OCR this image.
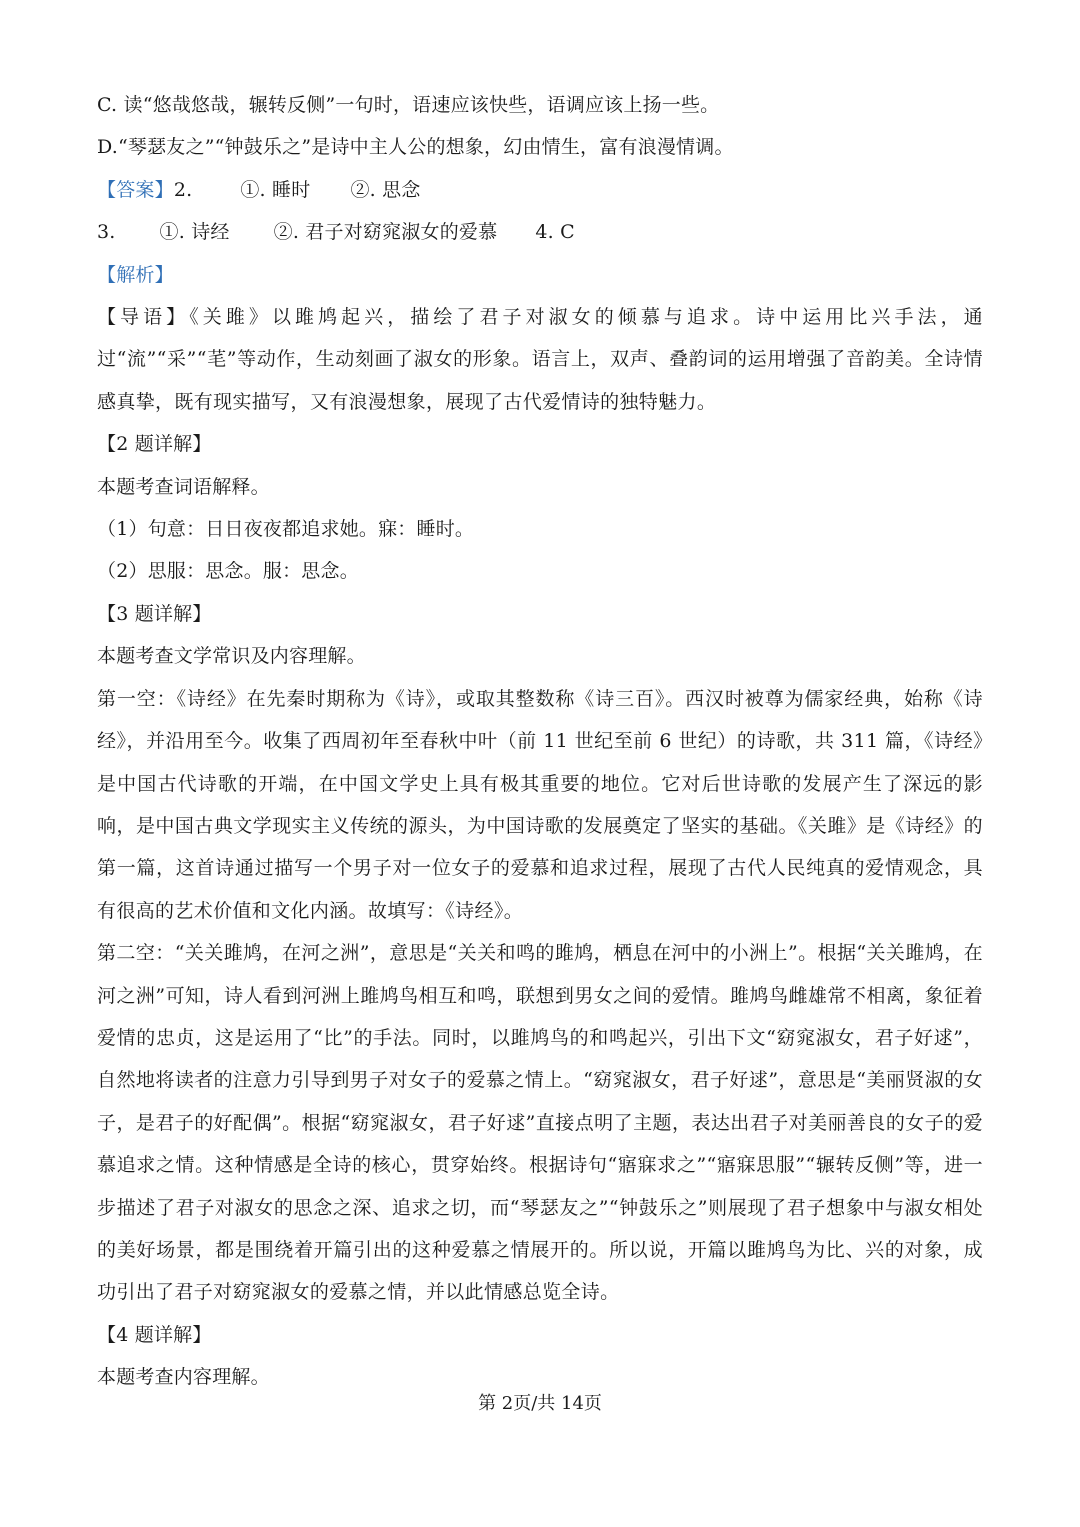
C. 读“悠哉悠哉，辗转反侧”一句时，语速应该快些，语调应该上扬一些。
D.“琴瑟友之”“钟鼓乐之”是诗中主人公的想象，幻由情生，富有浪漫情调。
【答案】2.	①. 睡时 ②. 思念
3. ①. 诗经 ②. 君子对窈窕淑女的爱慕 4. C
【解析】
【导语】《关雎》以雎鸠起兴，描绘了君子对淑女的倾慕与追求。诗中运用比兴手法，通过“流”“采”“芼”等动作，生动刻画了淑女的形象。语言上，双声、叠韵词的运用增强了音韵美。全诗情感真挚，既有现实描写，又有浪漫想象，展现了古代爱情诗的独特魅力。
【2 题详解】
本题考查词语解释。
（1）句意：日日夜夜都追求她。寐：睡时。
（2）思服：思念。服：思念。
【3 题详解】
本题考查文学常识及内容理解。
第一空：《诗经》在先秦时期称为《诗》，或取其整数称《诗三百》。西汉时被尊为儒家经典，始称《诗经》，并沿用至今。收集了西周初年至春秋中叶（前 11 世纪至前 6 世纪）的诗歌，共 311 篇，《诗经》是中国古代诗歌的开端，在中国文学史上具有极其重要的地位。它对后世诗歌的发展产生了深远的影响，是中国古典文学现实主义传统的源头，为中国诗歌的发展奠定了坚实的基础。《关雎》是《诗经》的第一篇，这首诗通过描写一个男子对一位女子的爱慕和追求过程，展现了古代人民纯真的爱情观念，具有很高的艺术价值和文化内涵。故填写：《诗经》。
第二空：“关关雎鸠，在河之洲”，意思是“关关和鸣的雎鸠，栖息在河中的小洲上”。根据“关关雎鸠，在河之洲”可知，诗人看到河洲上雎鸠鸟相互和鸣，联想到男女之间的爱情。雎鸠鸟雌雄常不相离，象征着爱情的忠贞，这是运用了“比”的手法。同时，以雎鸠鸟的和鸣起兴，引出下文“窈窕淑女，君子好逑”，自然地将读者的注意力引导到男子对女子的爱慕之情上。“窈窕淑女，君子好逑”，意思是“美丽贤淑的女子，是君子的好配偶”。根据“窈窕淑女，君子好逑”直接点明了主题，表达出君子对美丽善良的女子的爱慕追求之情。这种情感是全诗的核心，贯穿始终。根据诗句“寤寐求之”“寤寐思服”“辗转反侧”等，进一步描述了君子对淑女的思念之深、追求之切，而“琴瑟友之”“钟鼓乐之”则展现了君子想象中与淑女相处的美好场景，都是围绕着开篇引出的这种爱慕之情展开的。所以说，开篇以雎鸠鸟为比、兴的对象，成功引出了君子对窈窕淑女的爱慕之情，并以此情感总览全诗。
【4 题详解】
本题考查内容理解。
第 2页/共 14页
